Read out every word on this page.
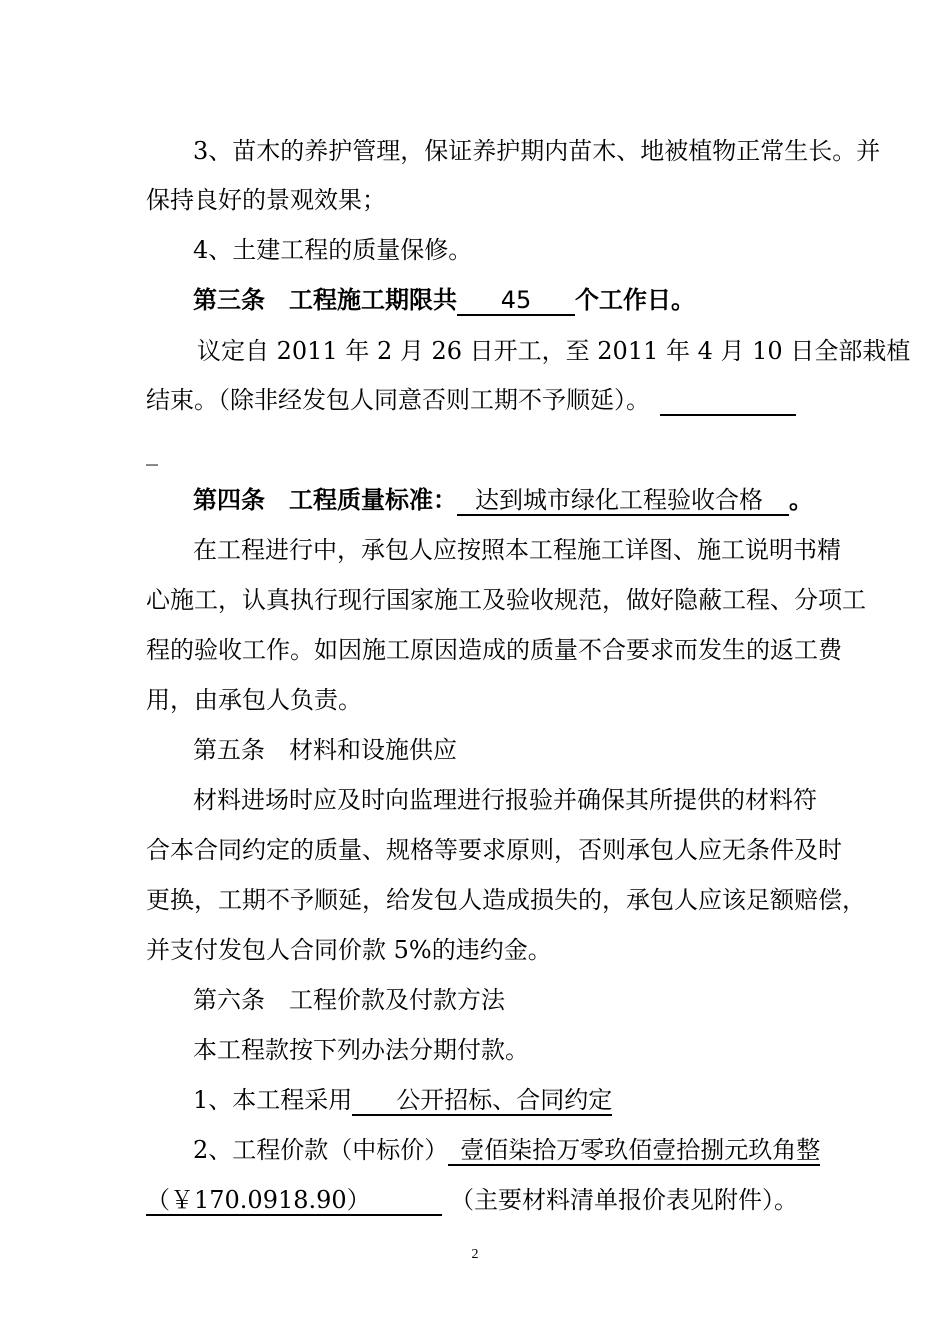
3、苗木的养护管理，保证养护期内苗木、地被植物正常生长。并
保持良好的景观效果；
4、土建工程的质量保修。
第三条　工程施工期限共 45 个工作日。
议定自 2011 年 2 月 26 日开工，至 2011 年 4 月 10 日全部栽植
结束。（除非经发包人同意否则工期不予顺延）。
_
第四条　工程质量标准： 达到城市绿化工程验收合格 。
在工程进行中，承包人应按照本工程施工详图、施工说明书精
心施工，认真执行现行国家施工及验收规范，做好隐蔽工程、分项工
程的验收工作。如因施工原因造成的质量不合要求而发生的返工费
用，由承包人负责。
第五条　材料和设施供应
材料进场时应及时向监理进行报验并确保其所提供的材料符
合本合同约定的质量、规格等要求原则，否则承包人应无条件及时
更换，工期不予顺延，给发包人造成损失的，承包人应该足额赔偿，
并支付发包人合同价款 5%的违约金。
第六条　工程价款及付款方法
本工程款按下列办法分期付款。
1、本工程采用 公开招标、合同约定
2、工程价款（中标价） 壹佰柒拾万零玖佰壹拾捌元玖角整
（￥170.0918.90）	（主要材料清单报价表见附件）。
2
